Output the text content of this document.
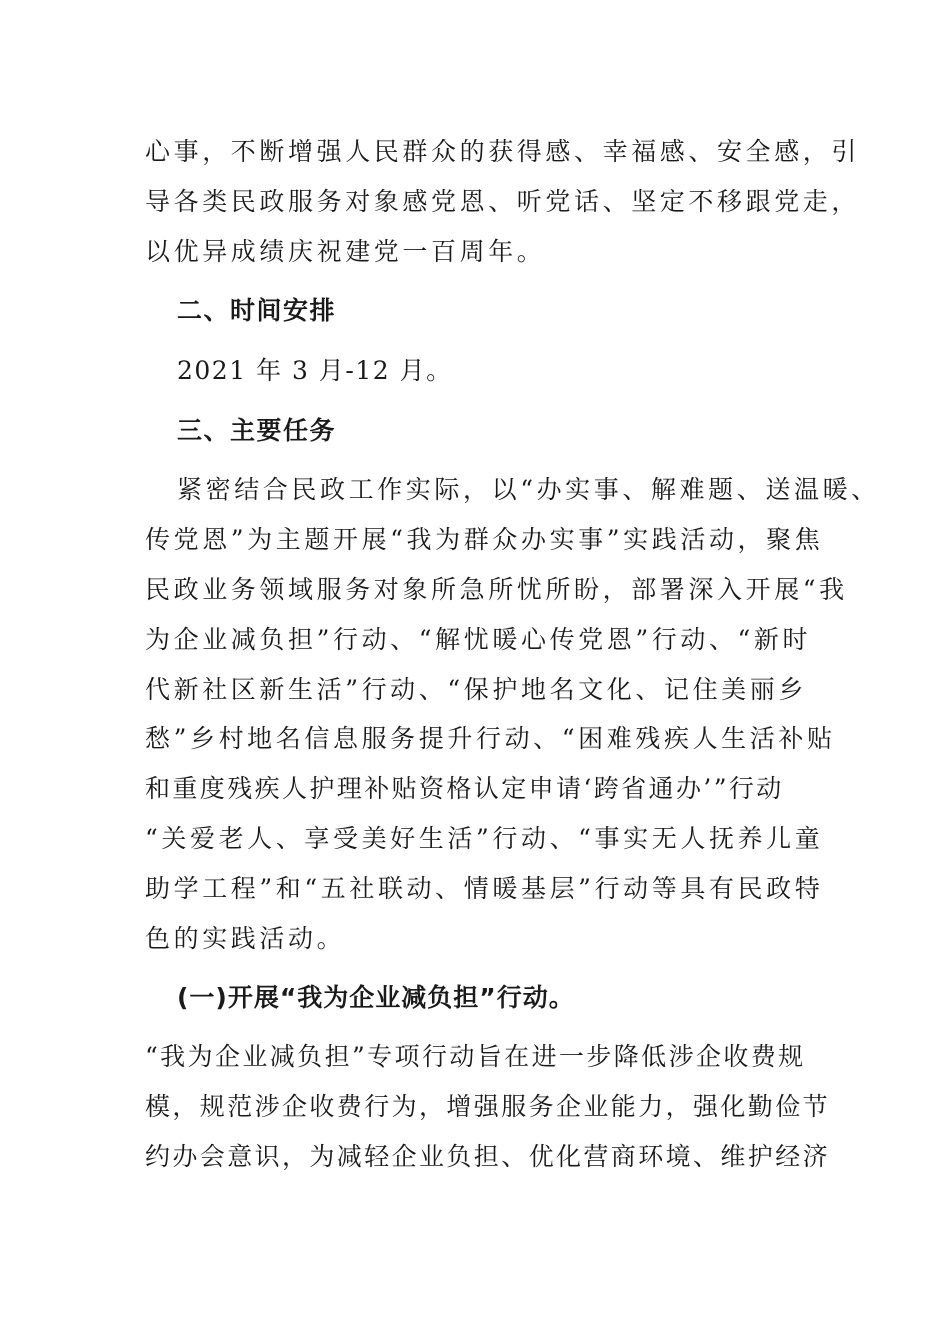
心事，不断增强人民群众的获得感、幸福感、安全感，引
导各类民政服务对象感党恩、听党话、坚定不移跟党走，
以优异成绩庆祝建党一百周年。
二、时间安排
2021 年 3 月-12 月。
三、主要任务
紧密结合民政工作实际，以“办实事、解难题、送温暖、
传党恩”为主题开展“我为群众办实事”实践活动，聚焦
民政业务领域服务对象所急所忧所盼，部署深入开展“我
为企业减负担”行动、“解忧暖心传党恩”行动、“新时
代新社区新生活”行动、“保护地名文化、记住美丽乡
愁”乡村地名信息服务提升行动、“困难残疾人生活补贴
和重度残疾人护理补贴资格认定申请‘跨省通办’”行动
“关爱老人、享受美好生活”行动、“事实无人抚养儿童
助学工程”和“五社联动、情暖基层”行动等具有民政特
色的实践活动。
(一)开展“我为企业减负担”行动。
“我为企业减负担”专项行动旨在进一步降低涉企收费规
模，规范涉企收费行为，增强服务企业能力，强化勤俭节
约办会意识，为减轻企业负担、优化营商环境、维护经济
